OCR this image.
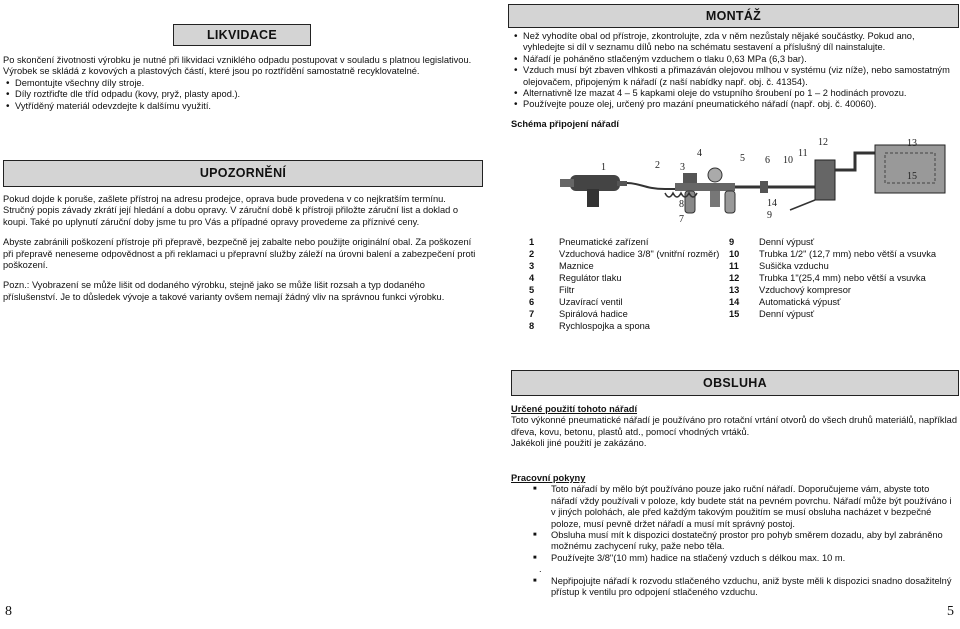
LIKVIDACE

Po skončení životnosti výrobku je nutné při likvidaci vzniklého odpadu postupovat v souladu s platnou legislativou. Výrobek se skládá z kovových a plastových částí, které jsou po roztřídění samostatně recyklovatelné.

• Demontujte všechny díly stroje.
• Díly roztřiďte dle tříd odpadu (kovy, pryž, plasty apod.).
• Vytříděný materiál odevzdejte k dalšímu využití.
UPOZORNĚNÍ

Pokud dojde k poruše, zašlete přístroj na adresu prodejce, oprava bude provedena v co nejkratším termínu. Stručný popis závady zkrátí její hledání a dobu opravy. V záruční době k přístroji přiložte záruční list a doklad o koupi. Také po uplynutí záruční doby jsme tu pro Vás a případné opravy provedeme za příznivé ceny.

Abyste zabránili poškození přístroje při přepravě, bezpečně jej zabalte nebo použijte originální obal. Za poškození při přepravě neneseme odpovědnost a při reklamaci u přepravní služby záleží na úrovni balení a zabezpečení proti poškození.

Pozn.: Vyobrazení se může lišit od dodaného výrobku, stejně jako se může lišit rozsah a typ dodaného příslušenství. Je to důsledek vývoje a takové varianty ovšem nemají žádný vliv na správnou funkci výrobku.

8
MONTÁŽ
• Než vyhodíte obal od přístroje, zkontrolujte, zda v něm nezůstaly nějaké součástky. Pokud ano, vyhledejte si díl v seznamu dílů nebo na schématu sestavení a příslušný díl nainstalujte.
• Nářadí je poháněno stlačeným vzduchem o tlaku 0,63 MPa (6,3 bar).
• Vzduch musí být zbaven vlhkosti a přimazáván olejovou mlhou v systému (viz níže), nebo samostatným olejovačem, připojeným k nářadí (z naší nabídky např. obj. č. 41354).
• Alternativně lze mazat 4 – 5 kapkami oleje do vstupního šroubení po 1 – 2 hodinách provozu.
• Používejte pouze olej, určený pro mazání pneumatického nářadí (např. obj. č. 40060).

Schéma připojení nářadí

1	2 3
4	5 6 10
11
12	13
15
14
8
9
7
1	Pneumatické zařízení
2	Vzduchová hadice 3/8" (vnitřní rozměr)
3	Maznice
4	Regulátor tlaku
5	Filtr
6	Uzavírací ventil
7	Spirálová hadice
8	Rychlospojka a spona
9	Denní výpusť
10	Trubka 1/2" (12,7 mm) nebo větší a vsuvka
11	Sušička vzduchu
12	Trubka 1"(25,4 mm) nebo větší a vsuvka
13	Vzduchový kompresor
14	Automatická výpusť
15	Denní výpusť
OBSLUHA

Určené použití tohoto nářadí

Toto výkonné pneumatické nářadí je používáno pro rotační vrtání otvorů do všech druhů materiálů, například dřeva, kovu, betonu, plastů atd., pomocí vhodných vrtáků.

Jakékoli jiné použití je zakázáno.

Pracovní pokyny

■ Toto nářadí by mělo být používáno pouze jako ruční nářadí. Doporučujeme vám, abyste toto nářadí vždy používali v poloze, kdy budete stát na pevném povrchu. Nářadí může být používáno i v jiných polohách, ale před každým takovým použitím se musí obsluha nacházet v bezpečné poloze, musí pevně držet nářadí a musí mít správný postoj.
■ Obsluha musí mít k dispozici dostatečný prostor pro pohyb směrem dozadu, aby byl zabráněno možnému zachycení ruky, paže nebo těla.
■ Používejte 3/8"(10 mm) hadice na stlačený vzduch s délkou max. 10 m.

.

■ Nepřipojujte nářadí k rozvodu stlačeného vzduchu, aniž byste měli k dispozici snadno dosažitelný přístup k ventilu pro odpojení stlačeného vzduchu.
5
